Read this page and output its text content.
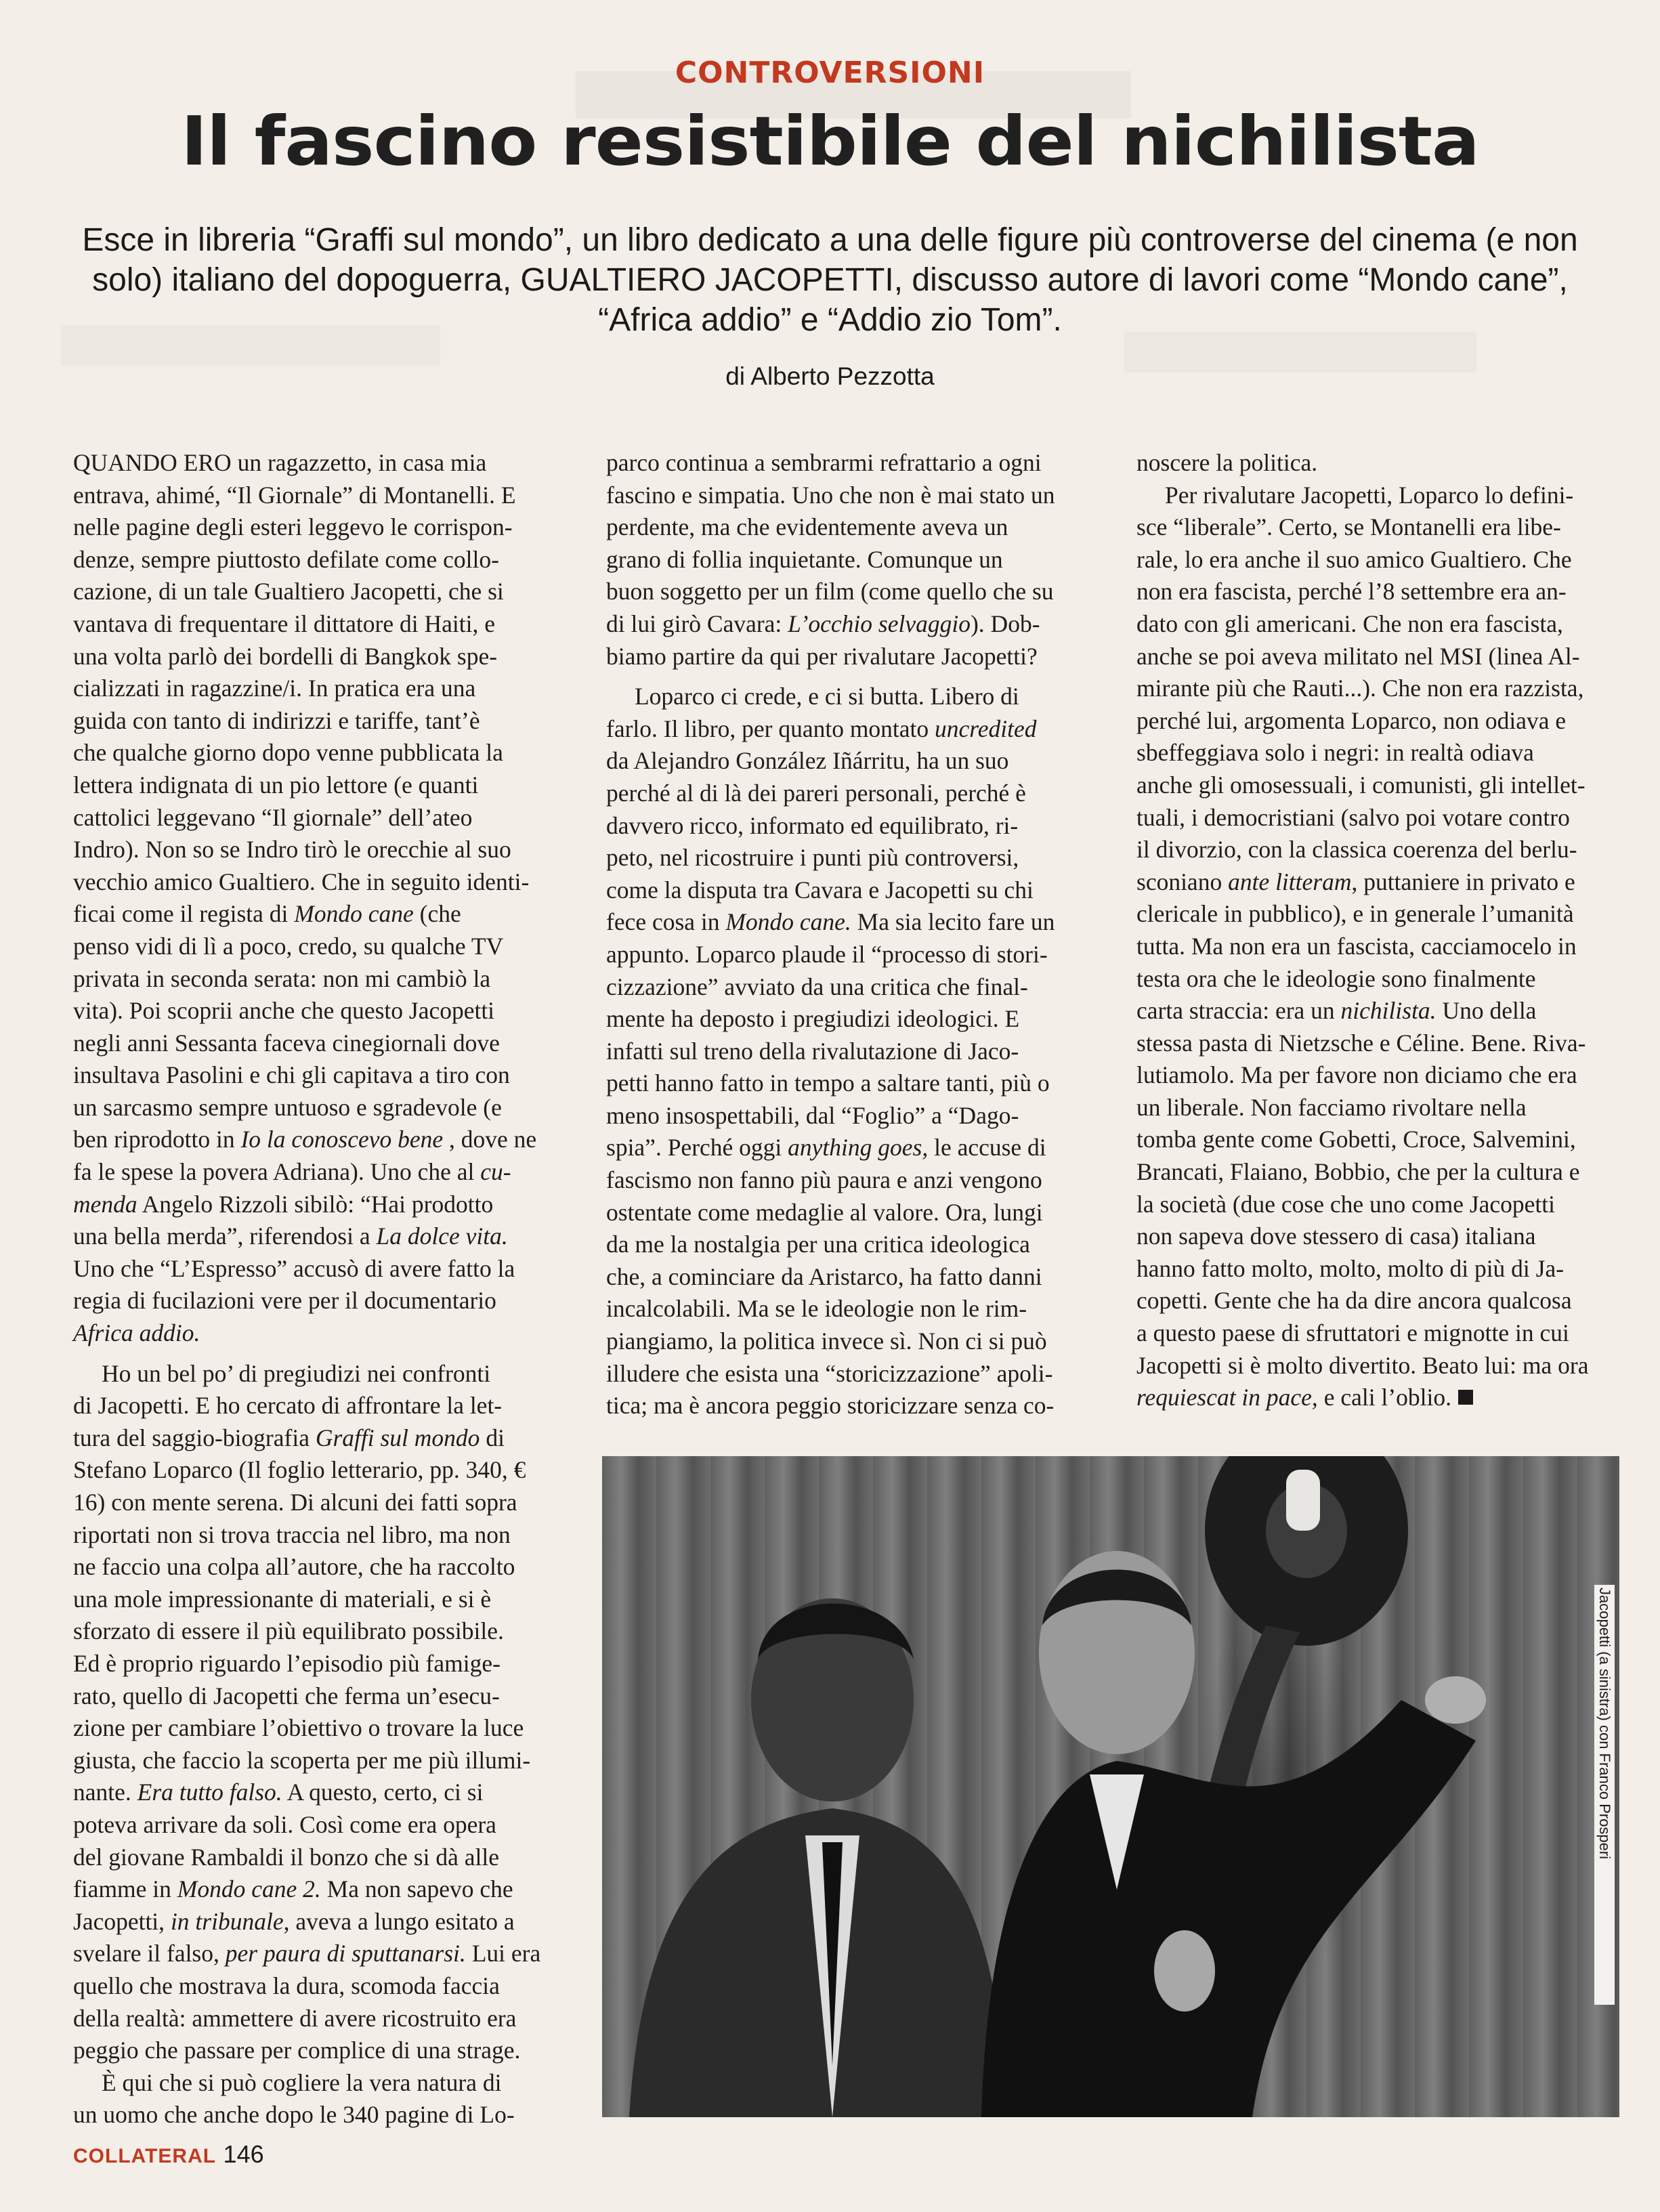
CONTROVERSIONI
Il fascino resistibile del nichilista
Esce in libreria “Graffi sul mondo”, un libro dedicato a una delle figure più controverse del cinema (e non
solo) italiano del dopoguerra, GUALTIERO JACOPETTI, discusso autore di lavori come “Mondo cane”,
“Africa addio” e “Addio zio Tom”.
di Alberto Pezzotta

QUANDO ERO un ragazzetto, in casa mia
entrava, ahimé, “Il Giornale” di Montanelli. E
nelle pagine degli esteri leggevo le corrispon-
denze, sempre piuttosto defilate come collo-
cazione, di un tale Gualtiero Jacopetti, che si
vantava di frequentare il dittatore di Haiti, e
una volta parlò dei bordelli di Bangkok spe-
cializzati in ragazzine/i. In pratica era una
guida con tanto di indirizzi e tariffe, tant’è
che qualche giorno dopo venne pubblicata la
lettera indignata di un pio lettore (e quanti
cattolici leggevano “Il giornale” dell’ateo
Indro). Non so se Indro tirò le orecchie al suo
vecchio amico Gualtiero. Che in seguito identi-
ficai come il regista di Mondo cane (che
penso vidi di lì a poco, credo, su qualche TV
privata in seconda serata: non mi cambiò la
vita). Poi scoprii anche che questo Jacopetti
negli anni Sessanta faceva cinegiornali dove
insultava Pasolini e chi gli capitava a tiro con
un sarcasmo sempre untuoso e sgradevole (e
ben riprodotto in Io la conoscevo bene , dove ne
fa le spese la povera Adriana). Uno che al cu-
menda Angelo Rizzoli sibilò: “Hai prodotto
una bella merda”, riferendosi a La dolce vita.
Uno che “L’Espresso” accusò di avere fatto la
regia di fucilazioni vere per il documentario
Africa addio.

Ho un bel po’ di pregiudizi nei confronti
di Jacopetti. E ho cercato di affrontare la let-
tura del saggio-biografia Graffi sul mondo di
Stefano Loparco (Il foglio letterario, pp. 340, €
16) con mente serena. Di alcuni dei fatti sopra
riportati non si trova traccia nel libro, ma non
ne faccio una colpa all’autore, che ha raccolto
una mole impressionante di materiali, e si è
sforzato di essere il più equilibrato possibile.
Ed è proprio riguardo l’episodio più famige-
rato, quello di Jacopetti che ferma un’esecu-
zione per cambiare l’obiettivo o trovare la luce
giusta, che faccio la scoperta per me più illumi-
nante. Era tutto falso. A questo, certo, ci si
poteva arrivare da soli. Così come era opera
del giovane Rambaldi il bonzo che si dà alle
fiamme in Mondo cane 2. Ma non sapevo che
Jacopetti, in tribunale, aveva a lungo esitato a
svelare il falso, per paura di sputtanarsi. Lui era
quello che mostrava la dura, scomoda faccia
della realtà: ammettere di avere ricostruito era
peggio che passare per complice di una strage.

È qui che si può cogliere la vera natura di
un uomo che anche dopo le 340 pagine di Lo-

parco continua a sembrarmi refrattario a ogni
fascino e simpatia. Uno che non è mai stato un
perdente, ma che evidentemente aveva un
grano di follia inquietante. Comunque un
buon soggetto per un film (come quello che su
di lui girò Cavara: L’occhio selvaggio). Dob-
biamo partire da qui per rivalutare Jacopetti?

Loparco ci crede, e ci si butta. Libero di
farlo. Il libro, per quanto montato uncredited
da Alejandro González Iñárritu, ha un suo
perché al di là dei pareri personali, perché è
davvero ricco, informato ed equilibrato, ri-
peto, nel ricostruire i punti più controversi,
come la disputa tra Cavara e Jacopetti su chi
fece cosa in Mondo cane. Ma sia lecito fare un
appunto. Loparco plaude il “processo di stori-
cizzazione” avviato da una critica che final-
mente ha deposto i pregiudizi ideologici. E
infatti sul treno della rivalutazione di Jaco-
petti hanno fatto in tempo a saltare tanti, più o
meno insospettabili, dal “Foglio” a “Dago-
spia”. Perché oggi anything goes, le accuse di
fascismo non fanno più paura e anzi vengono
ostentate come medaglie al valore. Ora, lungi
da me la nostalgia per una critica ideologica
che, a cominciare da Aristarco, ha fatto danni
incalcolabili. Ma se le ideologie non le rim-
piangiamo, la politica invece sì. Non ci si può
illudere che esista una “storicizzazione” apoli-
tica; ma è ancora peggio storicizzare senza co-

noscere la politica.

Per rivalutare Jacopetti, Loparco lo defini-
sce “liberale”. Certo, se Montanelli era libe-
rale, lo era anche il suo amico Gualtiero. Che
non era fascista, perché l’8 settembre era an-
dato con gli americani. Che non era fascista,
anche se poi aveva militato nel MSI (linea Al-
mirante più che Rauti...). Che non era razzista,
perché lui, argomenta Loparco, non odiava e
sbeffeggiava solo i negri: in realtà odiava
anche gli omosessuali, i comunisti, gli intellet-
tuali, i democristiani (salvo poi votare contro
il divorzio, con la classica coerenza del berlu-
sconiano ante litteram, puttaniere in privato e
clericale in pubblico), e in generale l’umanità
tutta. Ma non era un fascista, cacciamocelo in
testa ora che le ideologie sono finalmente
carta straccia: era un nichilista. Uno della
stessa pasta di Nietzsche e Céline. Bene. Riva-
lutiamolo. Ma per favore non diciamo che era
un liberale. Non facciamo rivoltare nella
tomba gente come Gobetti, Croce, Salvemini,
Brancati, Flaiano, Bobbio, che per la cultura e
la società (due cose che uno come Jacopetti
non sapeva dove stessero di casa) italiana
hanno fatto molto, molto, molto di più di Ja-
copetti. Gente che ha da dire ancora qualcosa
a questo paese di sfruttatori e mignotte in cui
Jacopetti si è molto divertito. Beato lui: ma ora
requiescat in pace, e cali l’oblio.

Jacopetti (a sinistra) con Franco Prosperi
COLLATERAL 146
